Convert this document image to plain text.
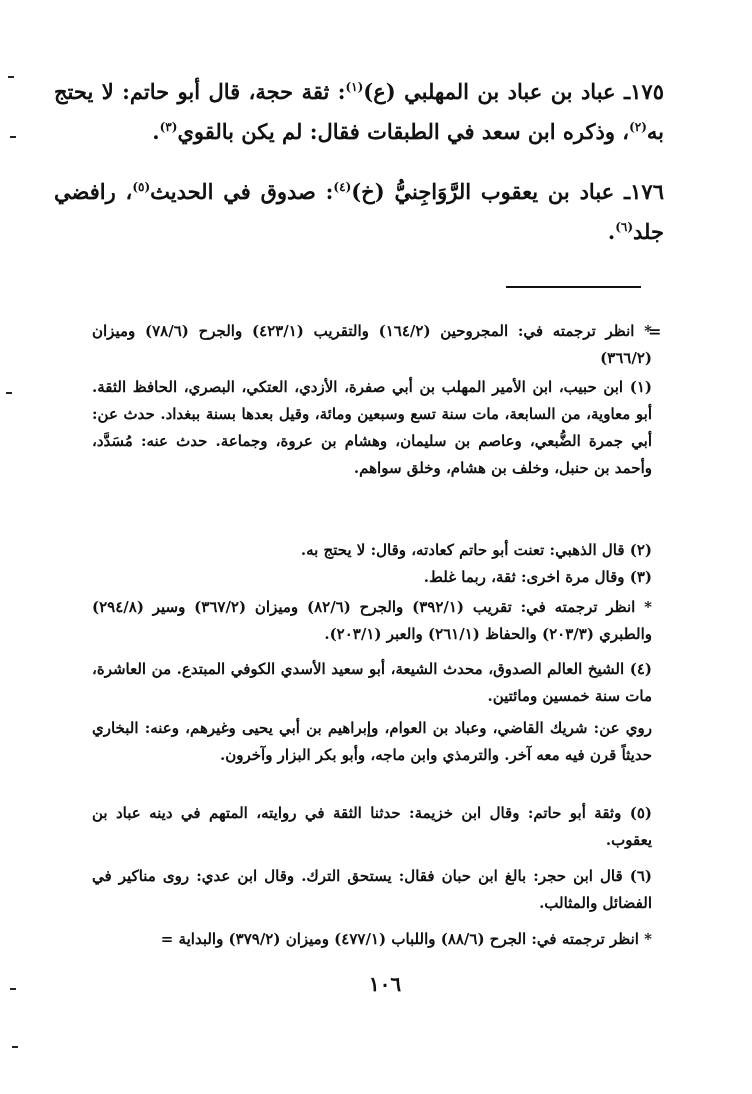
١٧٥ـ عباد بن عباد بن المهلبي (ع)$^{(١)}$: ثقة حجة، قال أبو حاتم: لا يحتج به$^{(٢)}$، وذكره ابن سعد في الطبقات فقال: لم يكن بالقوي$^{(٣)}$.
١٧٦ـ عباد بن يعقوب الرَّوَاجِنيُّ (خ)$^{(٤)}$: صدوق في الحديث$^{(٥)}$، رافضي جلد$^{(٦)}$.
=
* انظر ترجمته في: المجروحين (١٦٤/٢) والتقريب (٤٢٣/١) والجرح (٧٨/٦) وميزان (٣٦٦/٢)
(١) ابن حبيب، ابن الأمير المهلب بن أبي صفرة، الأزدي، العتكي، البصري، الحافظ الثقة. أبو معاوية، من السابعة، مات سنة تسع وسبعين ومائة، وقيل بعدها بسنة ببغداد. حدث عن: أبي جمرة الضُّبعي، وعاصم بن سليمان، وهشام بن عروة، وجماعة. حدث عنه: مُسَدَّد، وأحمد بن حنبل، وخلف بن هشام، وخلق سواهم.
(٢) قال الذهبي: تعنت أبو حاتم كعادته، وقال: لا يحتج به.
(٣) وقال مرة اخرى: ثقة، ربما غلط.
* انظر ترجمته في: تقريب (٣٩٢/١) والجرح (٨٢/٦) وميزان (٣٦٧/٢) وسير (٢٩٤/٨) والطبري (٢٠٣/٣) والحفاظ (٢٦١/١) والعبر (٢٠٣/١).
(٤) الشيخ العالم الصدوق، محدث الشيعة، أبو سعيد الأسدي الكوفي المبتدع. من العاشرة، مات سنة خمسين ومائتين.
روي عن: شريك القاضي، وعباد بن العوام، وإبراهيم بن أبي يحيى وغيرهم، وعنه: البخاري حديثاً قرن فيه معه آخر. والترمذي وابن ماجه، وأبو بكر البزار وآخرون.
(٥) وثقة أبو حاتم: وقال ابن خزيمة: حدثنا الثقة في روايته، المتهم في دينه عباد بن يعقوب.
(٦) قال ابن حجر: بالغ ابن حبان فقال: يستحق الترك. وقال ابن عدي: روى مناكير في الفضائل والمثالب.
* انظر ترجمته في: الجرح (٨٨/٦) واللباب (٤٧٧/١) وميزان (٣٧٩/٢) والبداية =
١٠٦
